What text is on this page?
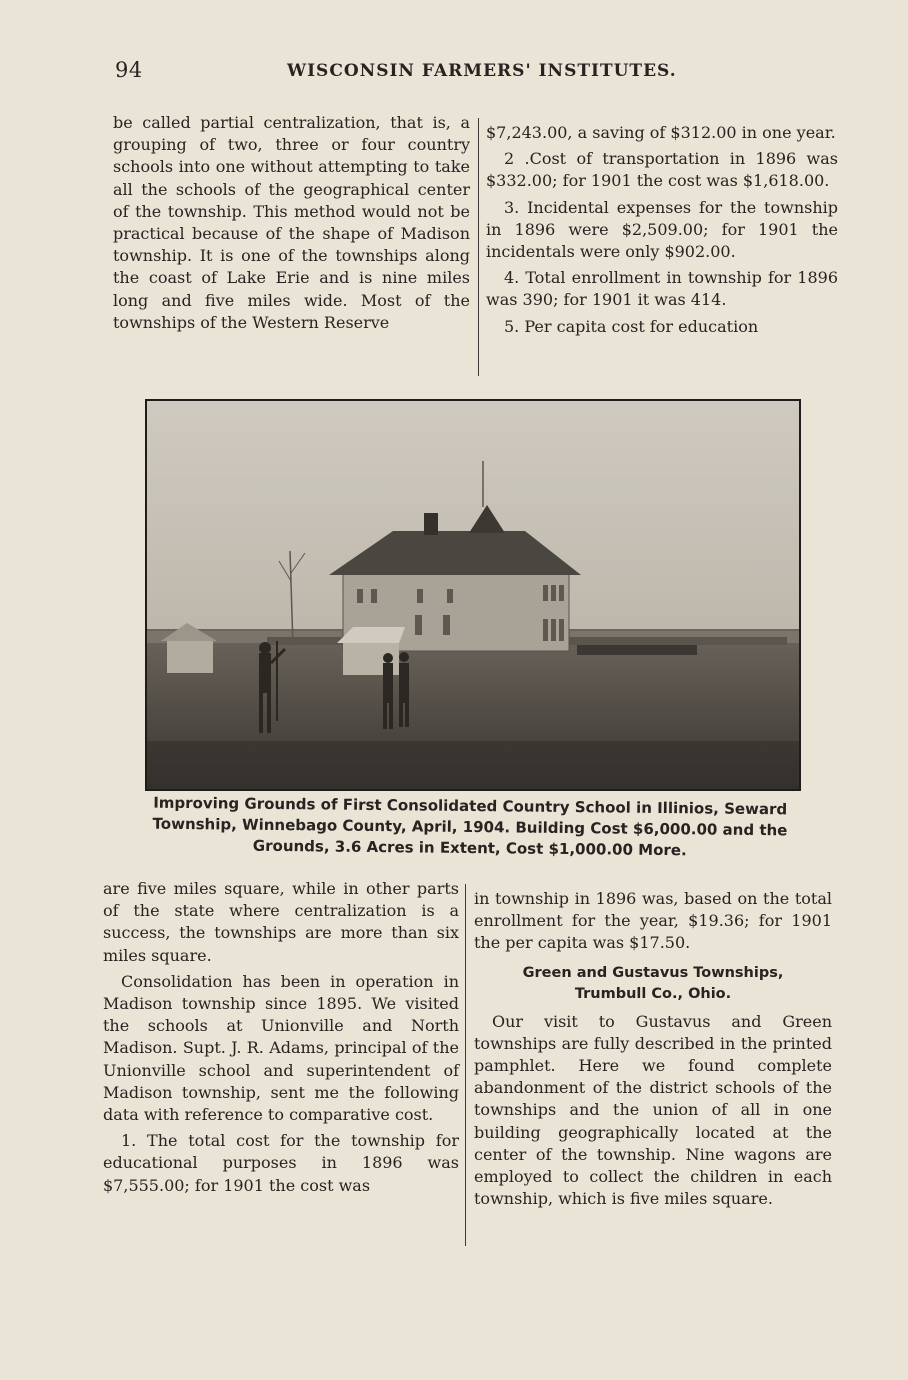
94	WISCONSIN FARMERS' INSTITUTES.

be called partial centralization, that is, a grouping of two, three or four country schools into one without attempting to take all the schools of the geographical center of the township. This method would not be practical because of the shape of Madison township. It is one of the townships along the coast of Lake Erie and is nine miles long and five miles wide. Most of the townships of the Western Reserve

$7,243.00, a saving of $312.00 in one year.

2 .Cost of transportation in 1896 was $332.00; for 1901 the cost was $1,618.00.

3. Incidental expenses for the township in 1896 were $2,509.00; for 1901 the incidentals were only $902.00.

4. Total enrollment in township for 1896 was 390; for 1901 it was 414.

5. Per capita cost for education

Improving Grounds of First Consolidated Country School in Illinios, Seward Township, Winnebago County, April, 1904. Building Cost $6,000.00 and the Grounds, 3.6 Acres in Extent, Cost $1,000.00 More.

are five miles square, while in other parts of the state where centralization is a success, the townships are more than six miles square.

Consolidation has been in operation in Madison township since 1895. We visited the schools at Unionville and North Madison. Supt. J. R. Adams, principal of the Unionville school and superintendent of Madison township, sent me the following data with reference to comparative cost.

1. The total cost for the township for educational purposes in 1896 was $7,555.00; for 1901 the cost was

in township in 1896 was, based on the total enrollment for the year, $19.36; for 1901 the per capita was $17.50.

Green and Gustavus Townships,
Trumbull Co., Ohio.

Our visit to Gustavus and Green townships are fully described in the printed pamphlet. Here we found complete abandonment of the district schools of the townships and the union of all in one building geographically located at the center of the township. Nine wagons are employed to collect the children in each township, which is five miles square.
